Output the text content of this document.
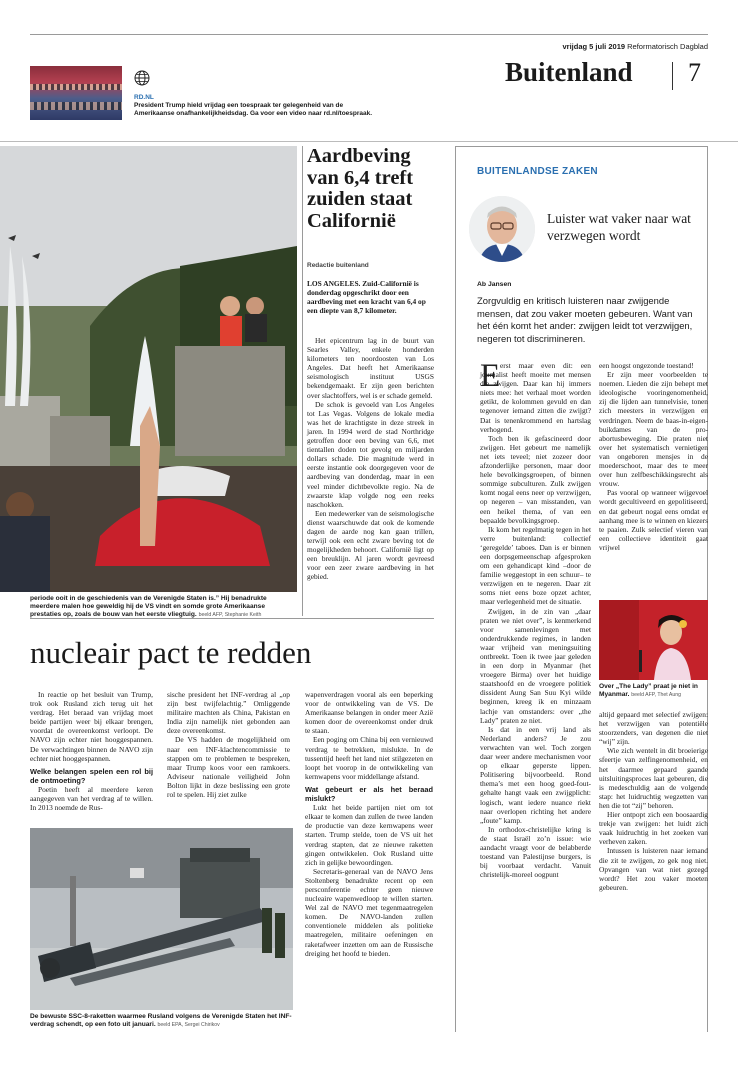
vrijdag 5 juli 2019 Reformatorisch Dagblad
Buitenland 7
RD.NL
President Trump hield vrijdag een toespraak ter gelegenheid van de Amerikaanse onafhankelijkheidsdag. Ga voor een video naar rd.nl/toespraak.
periode ooit in de geschiedenis van de Verenigde Staten is.” Hij benadrukte meerdere malen hoe geweldig hij de VS vindt en somde grote Amerikaanse prestaties op, zoals de bouw van het eerste vliegtuig. beeld AFP, Stephanie Keith
Aardbeving van 6,4 treft zuiden staat Californië
Redactie buitenland
LOS ANGELES. Zuid-Californië is donderdag opgeschrikt door een aardbeving met een kracht van 6,4 op een diepte van 8,7 kilometer.

Het epicentrum lag in de buurt van Searles Valley, enkele honderden kilometers ten noordoosten van Los Angeles. Dat heeft het Amerikaanse seismologisch instituut USGS bekendgemaakt. Er zijn geen berichten over slachtoffers, wel is er schade gemeld.

De schok is gevoeld van Los Angeles tot Las Vegas. Volgens de lokale media was het de krachtigste in deze streek in jaren. In 1994 werd de stad Northridge getroffen door een beving van 6,6, met tientallen doden tot gevolg en miljarden dollars schade. Die magnitude werd in eerste instantie ook doorgegeven voor de aardbeving van donderdag, maar in een veel minder dichtbevolkte regio. Na de zwaarste klap volgde nog een reeks naschokken.

Een medewerker van de seismologische dienst waarschuwde dat ook de komende dagen de aarde nog kan gaan trillen, terwijl ook een echt zware beving tot de mogelijkheden behoort. Californië ligt op een breuklijn. Al jaren wordt gevreesd voor een zeer zware aardbeving in het gebied.

nucleair pact te redden

In reactie op het besluit van Trump, trok ook Rusland zich terug uit het verdrag. Het beraad van vrijdag moet beide partijen weer bij elkaar brengen, voordat de overeenkomst verloopt. De NAVO zijn echter niet hooggespannen. De verwachtingen binnen de NAVO zijn echter niet hooggespannen.

Welke belangen spelen een rol bij de ontmoeting?

Poetin heeft al meerdere keren aangegeven van het verdrag af te willen. In 2013 noemde de Rus-

sische president het INF-verdrag al „op zijn best twijfelachtig.” Omliggende militaire machten als China, Pakistan en India zijn namelijk niet gebonden aan deze overeenkomst.

De VS hadden de mogelijkheid om naar een INF-klachtencommissie te stappen om te problemen te bespreken, maar Trump koos voor een ramkoers. Adviseur nationale veiligheid John Bolton lijkt in deze beslissing een grote rol te spelen. Hij ziet zulke

wapenverdragen vooral als een beperking voor de ontwikkeling van de VS. De Amerikaanse belangen in onder meer Azië komen door de overeenkomst onder druk te staan.

Een poging om China bij een vernieuwd verdrag te betrekken, mislukte. In de tussentijd heeft het land niet stilgezeten en loopt het voorop in de ontwikkeling van kernwapens voor middellange afstand.

Wat gebeurt er als het beraad mislukt?

Lukt het beide partijen niet om tot elkaar te komen dan zullen de twee landen de productie van deze kernwapens weer starten. Trump stelde, toen de VS uit het verdrag stapten, dat ze nieuwe raketten gingen ontwikkelen. Ook Rusland uitte zich in gelijke bewoordingen.

Secretaris-generaal van de NAVO Jens Stoltenberg benadrukte recent op een persconferentie echter geen nieuwe nucleaire wapenwedloop te willen starten. Wel zal de NAVO met tegenmaatregelen komen. De NAVO-landen zullen conventionele middelen als politieke maatregelen, militaire oefeningen en raketafweer inzetten om aan de Russische dreiging het hoofd te bieden.

De bewuste SSC-8-raketten waarmee Rusland volgens de Verenigde Staten het INF-verdrag schendt, op een foto uit januari. beeld EPA, Sergei Chirikov
BUITENLANDSE ZAKEN
Luister wat vaker naar wat verzwegen wordt
Ab Jansen
Zorgvuldig en kritisch luisteren naar zwijgende mensen, dat zou vaker moeten gebeuren. Want van het één komt het ander: zwijgen leidt tot verzwijgen, negeren tot discrimineren.
E erst maar even dit: een journalist heeft moeite met mensen die zwijgen. Daar kan hij immers niets mee: het verhaal moet worden getikt, de kolommen gevuld en dan tegenover iemand zitten die zwijgt? Dat is tenenkrommend en hartslag verhogend.

Toch ben ik gefascineerd door zwijgen. Het gebeurt me namelijk net iets teveel; niet zozeer door afzonderlijke personen, maar door hele bevolkingsgroepen, of binnen sommige subculturen. Zulk zwijgen komt nogal eens neer op verzwijgen, op negeren – van misstanden, van een heikel thema, of van een bepaalde bevolkingsgroep.

Ik kom het regelmatig tegen in het verre buitenland: collectief ‘geregelde’ taboes. Dan is er binnen een dorpsgemeenschap afgesproken om een gehandicapt kind –door de familie weggestopt in een schuur– te verzwijgen en te negeren. Daar zit soms niet eens boze opzet achter, maar verlegenheid met de situatie.

Zwijgen, in de zin van „daar praten we niet over”, is kenmerkend voor samenlevingen met onderdrukkende regimes, in landen waar vrijheid van meningsuiting ontbreekt. Toen ik twee jaar geleden in een dorp in Myanmar (het vroegere Birma) over het huidige staatshoofd en de vroegere politiek dissident Aung San Suu Kyi wilde beginnen, kreeg ik en minzaam lachje van omstanders: over „the Lady” praten ze niet.

Is dat in een vrij land als Nederland anders? Je zou verwachten van wel. Toch zorgen daar weer andere mechanismen voor op elkaar geperste lippen. Politisering bijvoorbeeld. Rond thema’s met een hoog goed-fout-gehalte hangt vaak een zwijgplicht: logisch, want iedere nuance riekt naar overlopen richting het andere „foute” kamp.

In orthodox-christelijke kring is de staat Israël zo’n issue: wie aandacht vraagt voor de belabberde toestand van Palestijnse burgers, is bij voorbaat verdacht. Vanuit christelijk-moreel oogpunt

een hoogst ongezonde toestand!

Er zijn meer voorbeelden te noemen. Lieden die zijn behept met ideologische vooringenomenheid, zij die lijden aan tunnelvisie, tonen zich meesters in verzwijgen en verdringen. Neem de baas-in-eigen-buikdames van de pro-abortusbeweging. Die praten niet over het systematisch vernietigen van ongeboren mensjes in de moederschoot, maar des te meer over hun zelfbeschikkingsrecht als vrouw.

Pas vooral op wanneer wijgevoel wordt gecultiveerd en gepolitiseerd, en dat gebeurt nogal eens omdat er aanhang mee is te winnen en kiezers te paaien. Zulk selectief vieren van een collectieve identiteit gaat vrijwel

Over „The Lady” praat je niet in Myanmar. beeld AFP, Thet Aung

altijd gepaard met selectief zwijgen: het verzwijgen van potentiële stoorzenders, van degenen die niet “wij” zijn.

Wie zich wentelt in dit broeierige sfeertje van zelfingenomenheid, en het daarmee gepaard gaande uitsluitingsproces laat gebeuren, die is medeschuldig aan de volgende stap: het luidruchtig wegzetten van hen die tot “zij” behoren.

Hier ontpopt zich een boosaardig trekje van zwijgen: het luidt zich vaak luidruchtig in het zoeken van verheven zaken.

Intussen is luisteren naar iemand die zit te zwijgen, zo gek nog niet. Opvangen van wat niet gezegd wordt? Het zou vaker moeten gebeuren.
